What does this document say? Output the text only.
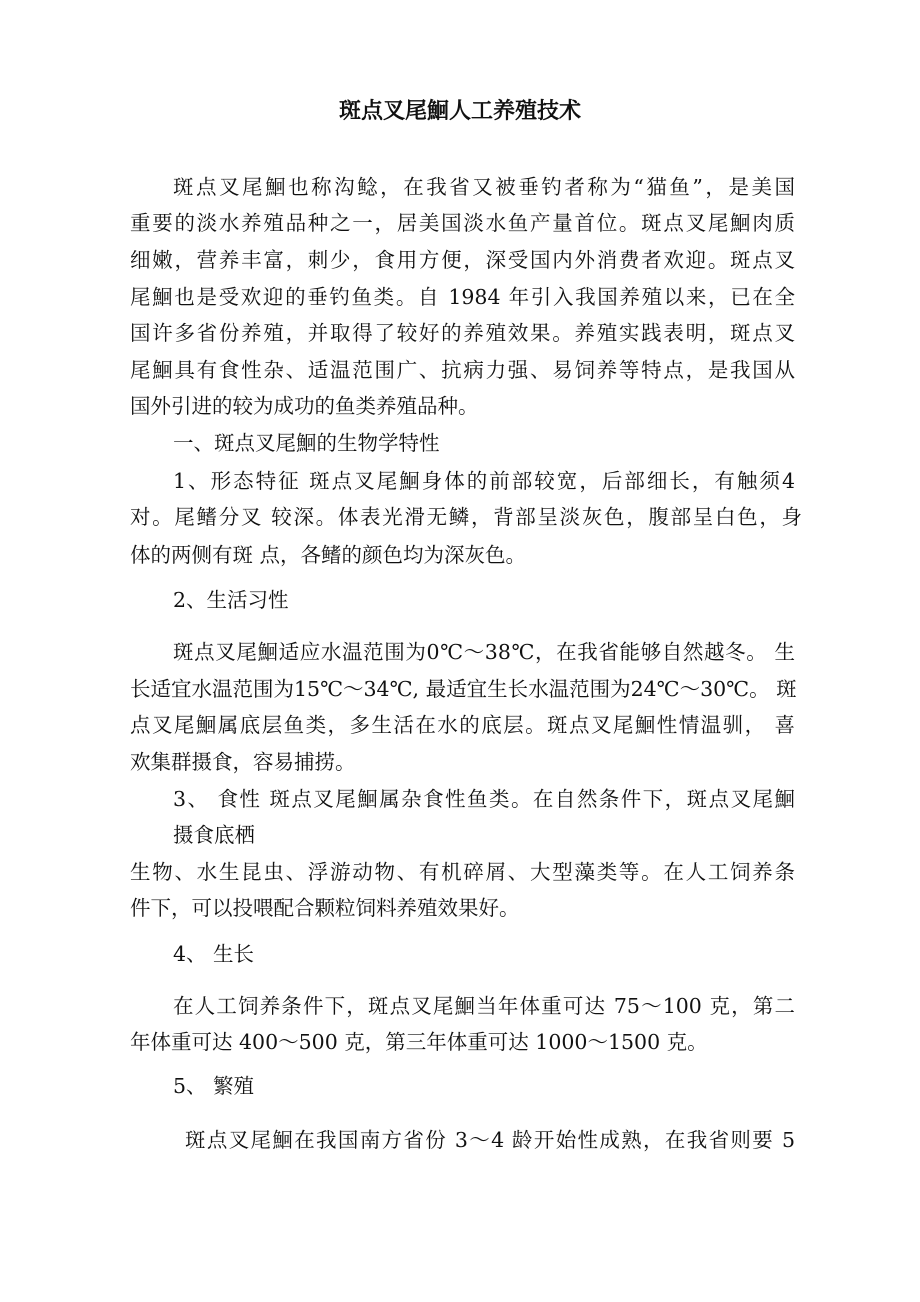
斑点叉尾鮰人工养殖技术
斑点叉尾鮰也称沟鲶，在我省又被垂钓者称为“猫鱼”，是美国
重要的淡水养殖品种之一，居美国淡水鱼产量首位。斑点叉尾鮰肉质
细嫩，营养丰富，刺少，食用方便，深受国内外消费者欢迎。斑点叉
尾鮰也是受欢迎的垂钓鱼类。自 1984 年引入我国养殖以来，已在全
国许多省份养殖，并取得了较好的养殖效果。养殖实践表明，斑点叉
尾鮰具有食性杂、适温范围广、抗病力强、易饲养等特点，是我国从
国外引进的较为成功的鱼类养殖品种。
一、斑点叉尾鮰的生物学特性
1、形态特征 斑点叉尾鮰身体的前部较宽，后部细长，有触须4
对。尾鳍分叉 较深。体表光滑无鳞，背部呈淡灰色，腹部呈白色，身
体的两侧有斑 点，各鳍的颜色均为深灰色。
2、生活习性
斑点叉尾鮰适应水温范围为0℃～38℃，在我省能够自然越冬。 生
长适宜水温范围为15℃～34℃, 最适宜生长水温范围为24℃～30℃。 斑
点叉尾鮰属底层鱼类，多生活在水的底层。斑点叉尾鮰性情温驯， 喜
欢集群摄食，容易捕捞。
3、 食性 斑点叉尾鮰属杂食性鱼类。在自然条件下，斑点叉尾鮰
摄食底栖
生物、水生昆虫、浮游动物、有机碎屑、大型藻类等。在人工饲养条
件下，可以投喂配合颗粒饲料养殖效果好。
4、 生长
在人工饲养条件下，斑点叉尾鮰当年体重可达 75～100 克，第二
年体重可达 400～500 克，第三年体重可达 1000～1500 克。
5、 繁殖
斑点叉尾鮰在我国南方省份 3～4 龄开始性成熟，在我省则要 5
